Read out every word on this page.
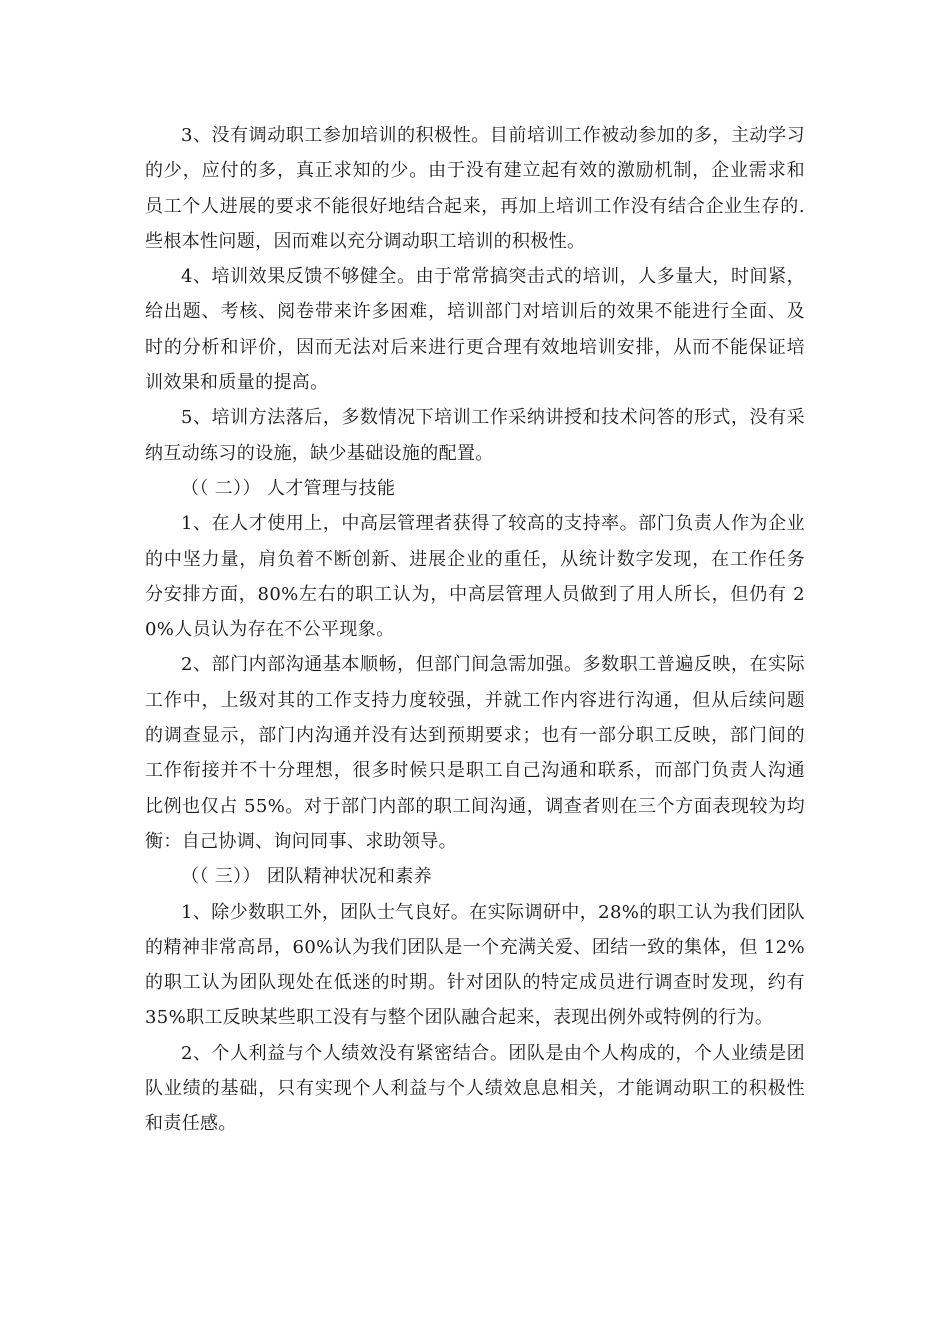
3、没有调动职工参加培训的积极性。目前培训工作被动参加的多，主动学习的少，应付的多，真正求知的少。由于没有建立起有效的激励机制，企业需求和员工个人进展的要求不能很好地结合起来，再加上培训工作没有结合企业生存的.些根本性问题，因而难以充分调动职工培训的积极性。

4、培训效果反馈不够健全。由于常常搞突击式的培训，人多量大，时间紧，给出题、考核、阅卷带来许多困难，培训部门对培训后的效果不能进行全面、及时的分析和评价，因而无法对后来进行更合理有效地培训安排，从而不能保证培训效果和质量的提高。

5、培训方法落后，多数情况下培训工作采纳讲授和技术问答的形式，没有采纳互动练习的设施，缺少基础设施的配置。

（（ 二）） 人才管理与技能

1、在人才使用上，中高层管理者获得了较高的支持率。部门负责人作为企业的中坚力量，肩负着不断创新、进展企业的重任，从统计数字发现，在工作任务分安排方面，80%左右的职工认为，中高层管理人员做到了用人所长，但仍有 20%人员认为存在不公平现象。

2、部门内部沟通基本顺畅，但部门间急需加强。多数职工普遍反映，在实际工作中，上级对其的工作支持力度较强，并就工作内容进行沟通，但从后续问题的调查显示，部门内沟通并没有达到预期要求；也有一部分职工反映，部门间的工作衔接并不十分理想，很多时候只是职工自己沟通和联系，而部门负责人沟通比例也仅占 55%。对于部门内部的职工间沟通，调查者则在三个方面表现较为均衡：自己协调、询问同事、求助领导。

（（ 三）） 团队精神状况和素养

1、除少数职工外，团队士气良好。在实际调研中，28%的职工认为我们团队的精神非常高昂，60%认为我们团队是一个充满关爱、团结一致的集体，但 12%的职工认为团队现处在低迷的时期。针对团队的特定成员进行调查时发现，约有 35%职工反映某些职工没有与整个团队融合起来，表现出例外或特例的行为。

2、个人利益与个人绩效没有紧密结合。团队是由个人构成的，个人业绩是团队业绩的基础，只有实现个人利益与个人绩效息息相关，才能调动职工的积极性和责任感。
